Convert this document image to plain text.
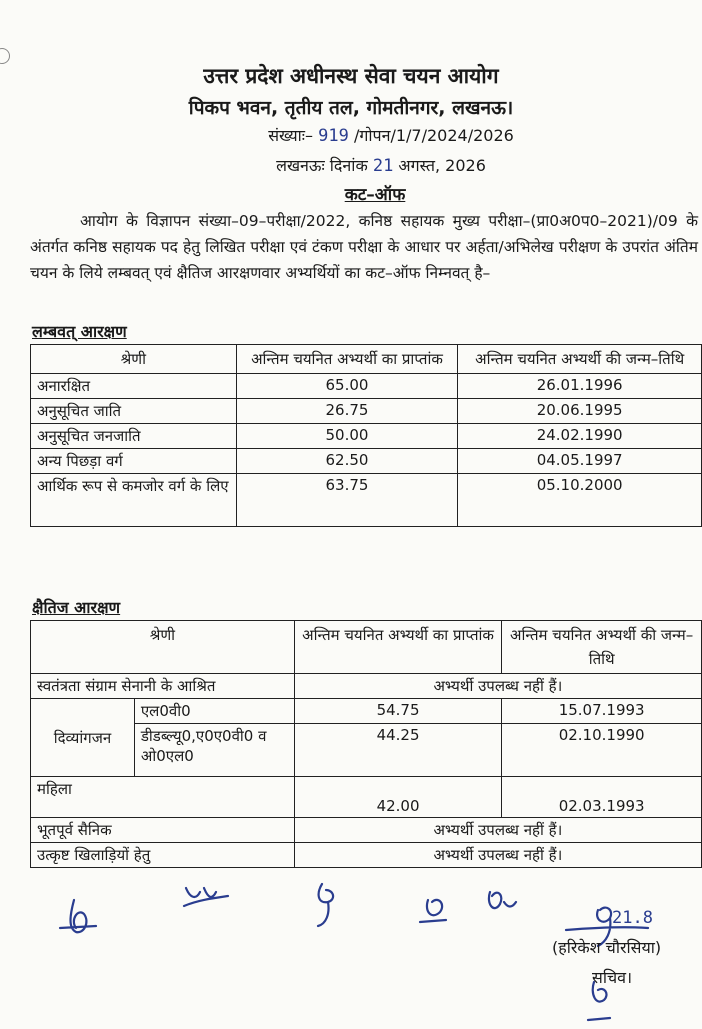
उत्तर प्रदेश अधीनस्थ सेवा चयन आयोग
पिकप भवन, तृतीय तल, गोमतीनगर, लखनऊ।
संख्याः– 919 /गोपन/1/7/2024/2026
लखनऊः दिनांक 21 अगस्त, 2026
कट–ऑफ
आयोग के विज्ञापन संख्या–09–परीक्षा/2022, कनिष्ठ सहायक मुख्य परीक्षा–(प्रा0अ0प0–2021)/09 के अंतर्गत कनिष्ठ सहायक पद हेतु लिखित परीक्षा एवं टंकण परीक्षा के आधार पर अर्हता/अभिलेख परीक्षण के उपरांत अंतिम चयन के लिये लम्बवत् एवं क्षैतिज आरक्षणवार अभ्यर्थियों का कट–ऑफ निम्नवत् है–
लम्बवत् आरक्षण
श्रेणी	अन्तिम चयनित अभ्यर्थी का प्राप्तांक	अन्तिम चयनित अभ्यर्थी की जन्म–तिथि
अनारक्षित	65.00	26.01.1996
अनुसूचित जाति	26.75	20.06.1995
अनुसूचित जनजाति	50.00	24.02.1990
अन्य पिछड़ा वर्ग	62.50	04.05.1997
आर्थिक रूप से कमजोर वर्ग के लिए	63.75	05.10.2000
क्षैतिज आरक्षण
श्रेणी		अन्तिम चयनित अभ्यर्थी का प्राप्तांक	अन्तिम चयनित अभ्यर्थी की जन्म–तिथि
स्वतंत्रता संग्राम सेनानी के आश्रित		अभ्यर्थी उपलब्ध नहीं हैं।	
दिव्यांगजन	एल0वी0	54.75	15.07.1993
	डीडब्ल्यू0,ए0ए0वी0 व ओ0एल0	44.25	02.10.1990
महिला		42.00	02.03.1993
भूतपूर्व सैनिक		अभ्यर्थी उपलब्ध नहीं हैं।	
उत्कृष्ट खिलाड़ियों हेतु		अभ्यर्थी उपलब्ध नहीं हैं।	
21.8
(हरिकेश चौरसिया)
सचिव।
